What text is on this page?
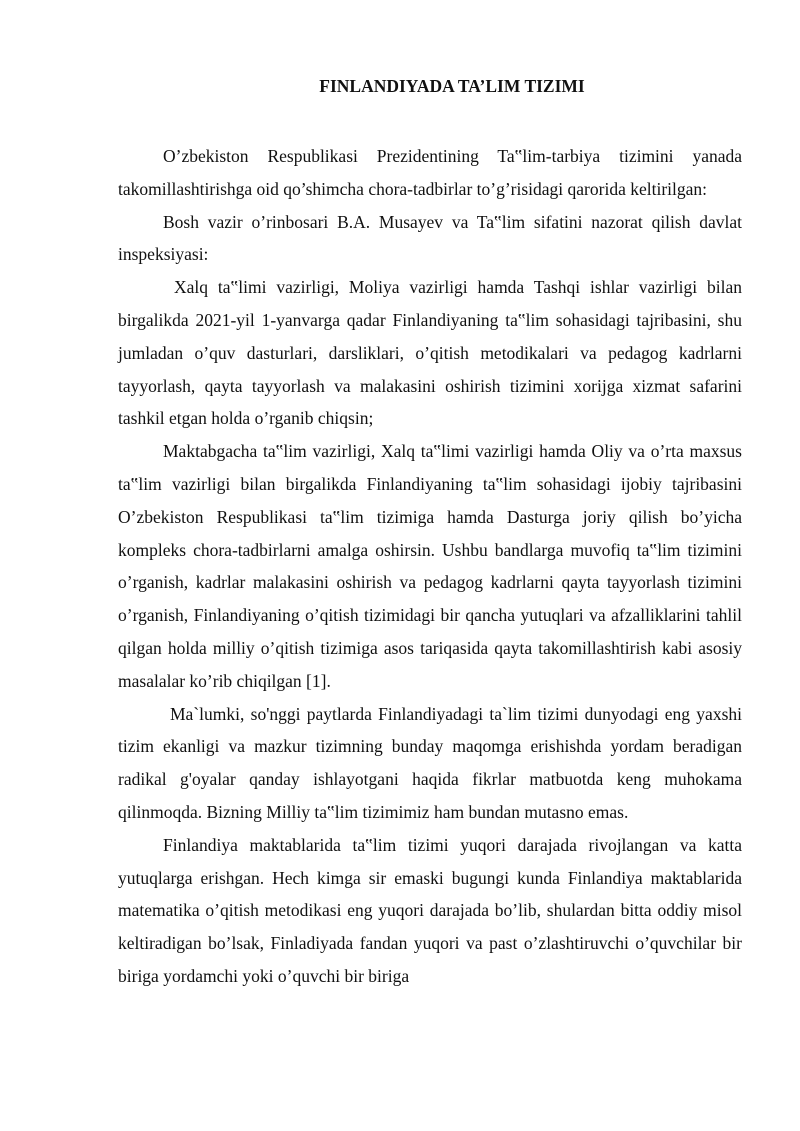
FINLANDIYADA TA’LIM TIZIMI

O’zbekiston Respublikasi Prezidentining Ta‟lim-tarbiya tizimini yanada takomillashtirishga oid qo’shimcha chora-tadbirlar to’g’risidagi qarorida keltirilgan:

Bosh vazir o’rinbosari B.A. Musayev va Ta‟lim sifatini nazorat qilish davlat inspeksiyasi:

Xalq ta‟limi vazirligi, Moliya vazirligi hamda Tashqi ishlar vazirligi bilan birgalikda 2021-yil 1-yanvarga qadar Finlandiyaning ta‟lim sohasidagi tajribasini, shu jumladan o’quv dasturlari, darsliklari, o’qitish metodikalari va pedagog kadrlarni tayyorlash, qayta tayyorlash va malakasini oshirish tizimini xorijga xizmat safarini tashkil etgan holda o’rganib chiqsin;

Maktabgacha ta‟lim vazirligi, Xalq ta‟limi vazirligi hamda Oliy va o’rta maxsus ta‟lim vazirligi bilan birgalikda Finlandiyaning ta‟lim sohasidagi ijobiy tajribasini O’zbekiston Respublikasi ta‟lim tizimiga hamda Dasturga joriy qilish bo’yicha kompleks chora-tadbirlarni amalga oshirsin. Ushbu bandlarga muvofiq ta‟lim tizimini o’rganish, kadrlar malakasini oshirish va pedagog kadrlarni qayta tayyorlash tizimini o’rganish, Finlandiyaning o’qitish tizimidagi bir qancha yutuqlari va afzalliklarini tahlil qilgan holda milliy o’qitish tizimiga asos tariqasida qayta takomillashtirish kabi asosiy masalalar ko’rib chiqilgan [1].

Ma`lumki, so'nggi paytlarda Finlandiyadagi ta`lim tizimi dunyodagi eng yaxshi tizim ekanligi va mazkur tizimning bunday maqomga erishishda yordam beradigan radikal g'oyalar qanday ishlayotgani haqida fikrlar matbuotda keng muhokama qilinmoqda. Bizning Milliy ta‟lim tizimimiz ham bundan mutasno emas.

Finlandiya maktablarida ta‟lim tizimi yuqori darajada rivojlangan va katta yutuqlarga erishgan. Hech kimga sir emaski bugungi kunda Finlandiya maktablarida matematika o’qitish metodikasi eng yuqori darajada bo’lib, shulardan bitta oddiy misol keltiradigan bo’lsak, Finladiyada fandan yuqori va past o’zlashtiruvchi o’quvchilar bir biriga yordamchi yoki o’quvchi bir biriga
